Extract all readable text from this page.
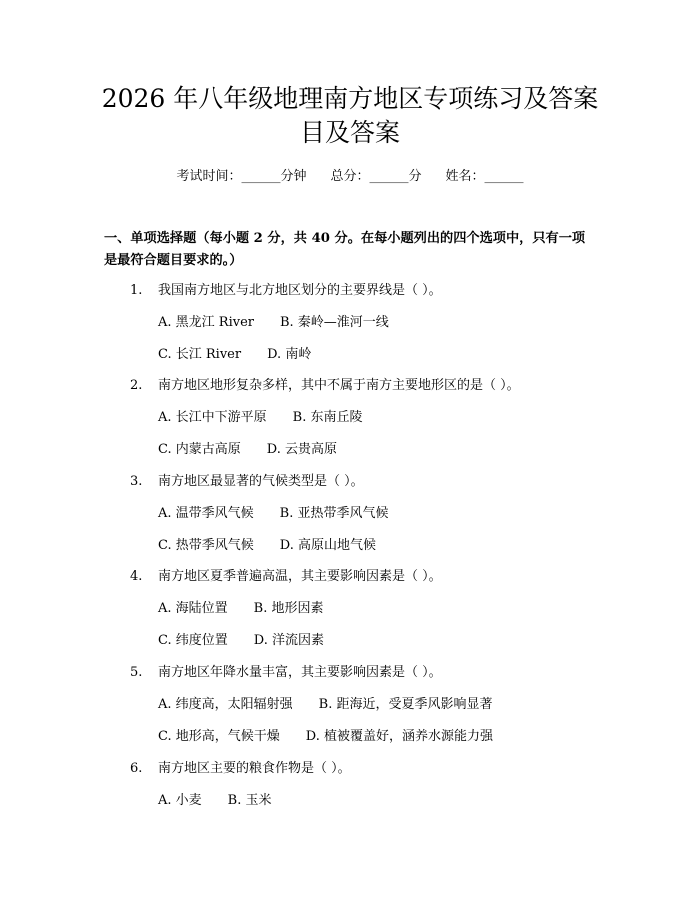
2026 年八年级地理南方地区专项练习及答案
目及答案
考试时间：______分钟 总分：______分 姓名：______

一、单项选择题（每小题 2 分，共 40 分。在每小题列出的四个选项中，只有一项是最符合题目要求的。）

1. 我国南方地区与北方地区划分的主要界线是（ ）。
A. 黑龙江 River B. 秦岭—淮河一线
C. 长江 River D. 南岭
2. 南方地区地形复杂多样，其中不属于南方主要地形区的是（ ）。
A. 长江中下游平原 B. 东南丘陵
C. 内蒙古高原 D. 云贵高原
3. 南方地区最显著的气候类型是（ ）。
A. 温带季风气候 B. 亚热带季风气候
C. 热带季风气候 D. 高原山地气候
4. 南方地区夏季普遍高温，其主要影响因素是（ ）。
A. 海陆位置 B. 地形因素
C. 纬度位置 D. 洋流因素
5. 南方地区年降水量丰富，其主要影响因素是（ ）。
A. 纬度高，太阳辐射强 B. 距海近，受夏季风影响显著
C. 地形高，气候干燥 D. 植被覆盖好，涵养水源能力强
6. 南方地区主要的粮食作物是（ ）。
A. 小麦 B. 玉米
